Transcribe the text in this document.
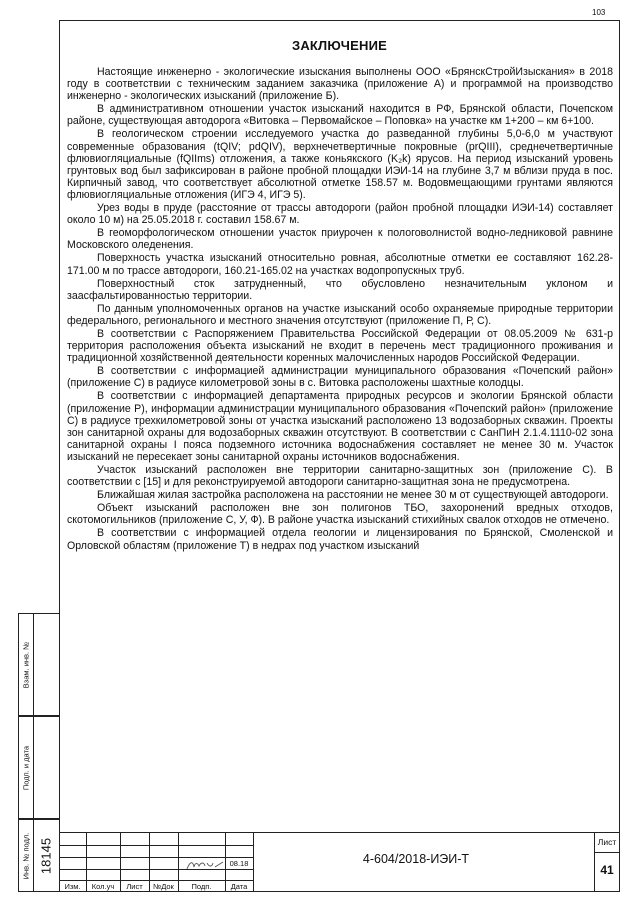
103
ЗАКЛЮЧЕНИЕ

Настоящие инженерно - экологические изыскания выполнены ООО «БрянскСтройИзыскания» в 2018 году в соответствии с техническим заданием заказчика (приложение А) и программой на производство инженерно - экологических изысканий (приложение Б).

В административном отношении участок изысканий находится в РФ, Брянской области, Почепском районе, существующая автодорога «Витовка – Первомайское – Поповка» на участке км 1+200 – км 6+100.

В геологическом строении исследуемого участка до разведанной глубины 5,0-6,0 м участвуют современные образования (tQIV; pdQIV), верхнечетвертичные покровные (prQIII), среднечетвертичные флювиогляциальные (fQIIms) отложения, а также коньякского (K₂k) ярусов. На период изысканий уровень грунтовых вод был зафиксирован в районе пробной площадки ИЭИ-14 на глубине 3,7 м вблизи пруда в пос. Кирпичный завод, что соответствует абсолютной отметке 158.57 м. Водовмещающими грунтами являются флювиогляциальные отложения (ИГЭ 4, ИГЭ 5).

Урез воды в пруде (расстояние от трассы автодороги (район пробной площадки ИЭИ-14) составляет около 10 м) на 25.05.2018 г. составил 158.67 м.

В геоморфологическом отношении участок приурочен к пологоволнистой водно-ледниковой равнине Московского оледенения.

Поверхность участка изысканий относительно ровная, абсолютные отметки ее составляют 162.28-171.00 м по трассе автодороги, 160.21-165.02 на участках водопропускных труб.

Поверхностный сток затрудненный, что обусловлено незначительным уклоном и заасфальтированностью территории.

По данным уполномоченных органов на участке изысканий особо охраняемые природные территории федерального, регионального и местного значения отсутствуют (приложение П, Р, С).

В соответствии с Распоряжением Правительства Российской Федерации от 08.05.2009 № 631-р территория расположения объекта изысканий не входит в перечень мест традиционного проживания и традиционной хозяйственной деятельности коренных малочисленных народов Российской Федерации.

В соответствии с информацией администрации муниципального образования «Почепский район» (приложение С) в радиусе километровой зоны в с. Витовка расположены шахтные колодцы.

В соответствии с информацией департамента природных ресурсов и экологии Брянской области (приложение Р), информации администрации муниципального образования «Почепский район» (приложение С) в радиусе трехкилометровой зоны от участка изысканий расположено 13 водозаборных скважин. Проекты зон санитарной охраны для водозаборных скважин отсутствуют. В соответствии с СанПиН 2.1.4.1110-02 зона санитарной охраны I пояса подземного источника водоснабжения составляет не менее 30 м. Участок изысканий не пересекает зоны санитарной охраны источников водоснабжения.

Участок изысканий расположен вне территории санитарно-защитных зон (приложение С). В соответствии с [15] и для реконструируемой автодороги санитарно-защитная зона не предусмотрена.

Ближайшая жилая застройка расположена на расстоянии не менее 30 м от существующей автодороги.

Объект изысканий расположен вне зон полигонов ТБО, захоронений вредных отходов, скотомогильников (приложение С, У, Ф). В районе участка изысканий стихийных свалок отходов не отмечено.

В соответствии с информацией отдела геологии и лицензирования по Брянской, Смоленской и Орловской областям (приложение Т) в недрах под участком изысканий

Взам. инв. №
Подп. и дата
Инв. № подл. 18145
Изм.	Кол.уч	Лист	№Док	Подп.	Дата
08.18	4-604/2018-ИЭИ-Т
Лист
41
